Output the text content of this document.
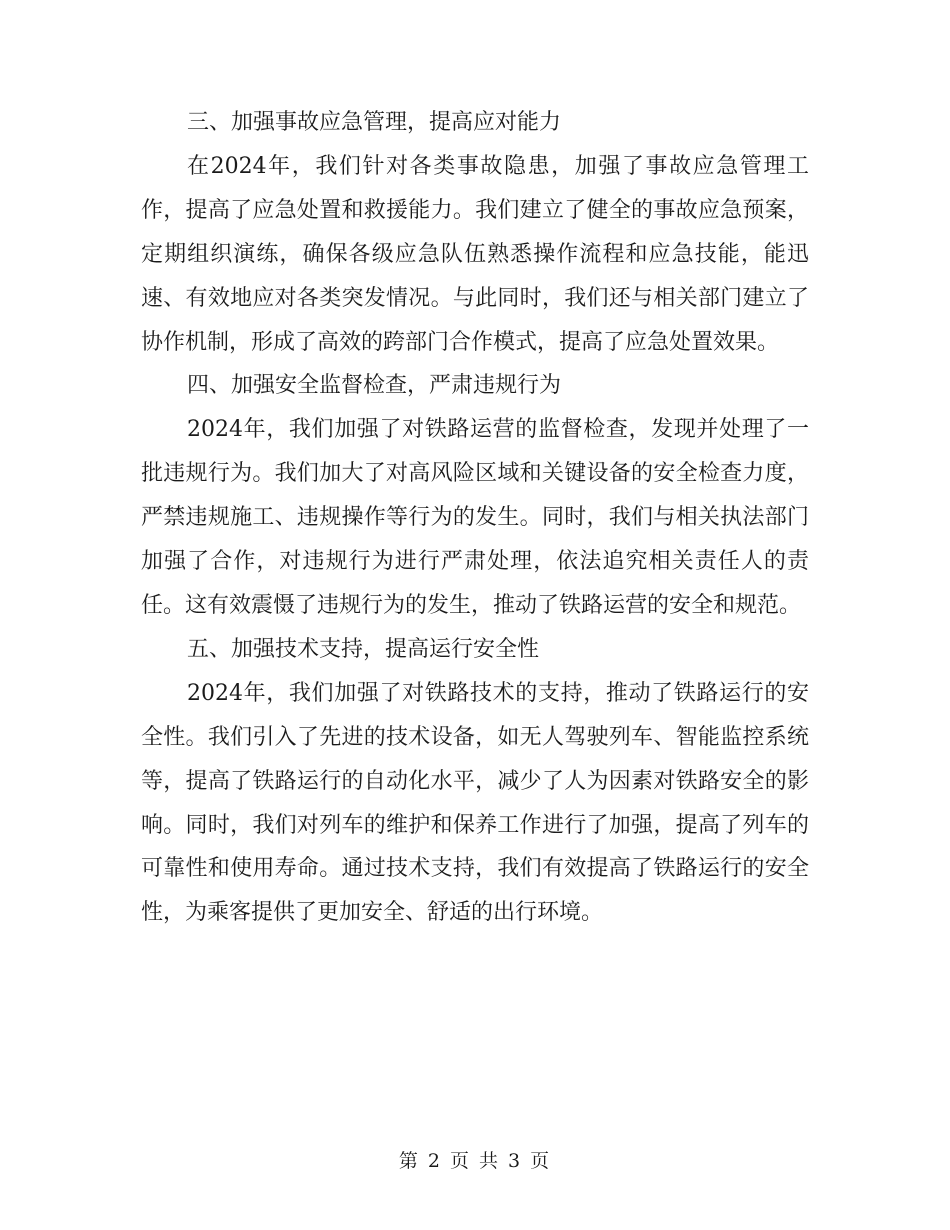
三、加强事故应急管理，提高应对能力

在2024年，我们针对各类事故隐患，加强了事故应急管理工作，提高了应急处置和救援能力。我们建立了健全的事故应急预案，定期组织演练，确保各级应急队伍熟悉操作流程和应急技能，能迅速、有效地应对各类突发情况。与此同时，我们还与相关部门建立了协作机制，形成了高效的跨部门合作模式，提高了应急处置效果。

四、加强安全监督检查，严肃违规行为

2024年，我们加强了对铁路运营的监督检查，发现并处理了一批违规行为。我们加大了对高风险区域和关键设备的安全检查力度，严禁违规施工、违规操作等行为的发生。同时，我们与相关执法部门加强了合作，对违规行为进行严肃处理，依法追究相关责任人的责任。这有效震慑了违规行为的发生，推动了铁路运营的安全和规范。

五、加强技术支持，提高运行安全性

2024年，我们加强了对铁路技术的支持，推动了铁路运行的安全性。我们引入了先进的技术设备，如无人驾驶列车、智能监控系统等，提高了铁路运行的自动化水平，减少了人为因素对铁路安全的影响。同时，我们对列车的维护和保养工作进行了加强，提高了列车的可靠性和使用寿命。通过技术支持，我们有效提高了铁路运行的安全性，为乘客提供了更加安全、舒适的出行环境。

第 2 页 共 3 页
